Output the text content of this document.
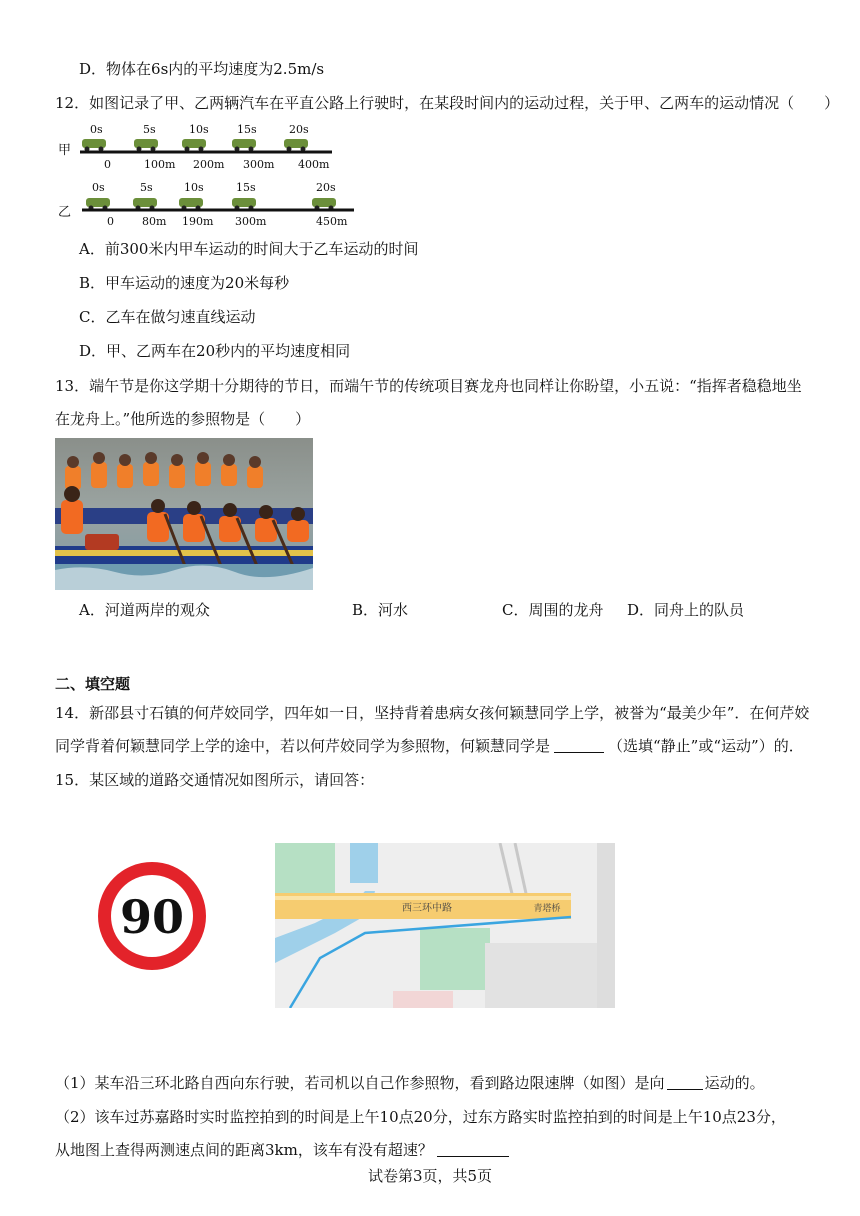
D．物体在6s内的平均速度为2.5m/s
12．如图记录了甲、乙两辆汽车在平直公路上行驶时，在某段时间内的运动过程，关于甲、乙两车的运动情况（　　）
甲
乙
0s	5s	10s	15s	20s
0	100m 200m 300m 400m
0s	5s	10s	15s	20s
0	80m 190m 300m	450m
A．前300米内甲车运动的时间大于乙车运动的时间
B．甲车运动的速度为20米每秒
C．乙车在做匀速直线运动
D．甲、乙两车在20秒内的平均速度相同
13．端午节是你这学期十分期待的节日，而端午节的传统项目赛龙舟也同样让你盼望，小五说：“指挥者稳稳地坐
在龙舟上。”他所选的参照物是（　　）
A．河道两岸的观众	B．河水	C．周围的龙舟 D．同舟上的队员
二、填空题
14．新邵县寸石镇的何芹姣同学，四年如一日，坚持背着患病女孩何颖慧同学上学，被誉为“最美少年”．在何芹姣
同学背着何颖慧同学上学的途中，若以何芹姣同学为参照物，何颖慧同学是	（选填“静止”或“运动”）的．
15．某区域的道路交通情况如图所示，请回答：
90	西三环中路	青塔桥
（1）某车沿三环北路自西向东行驶，若司机以自己作参照物，看到路边限速牌（如图）是向	运动的。
（2）该车过苏嘉路时实时监控拍到的时间是上午10点20分，过东方路实时监控拍到的时间是上午10点23分，
从地图上查得两测速点间的距离3km，该车有没有超速？
试卷第3页，共5页
